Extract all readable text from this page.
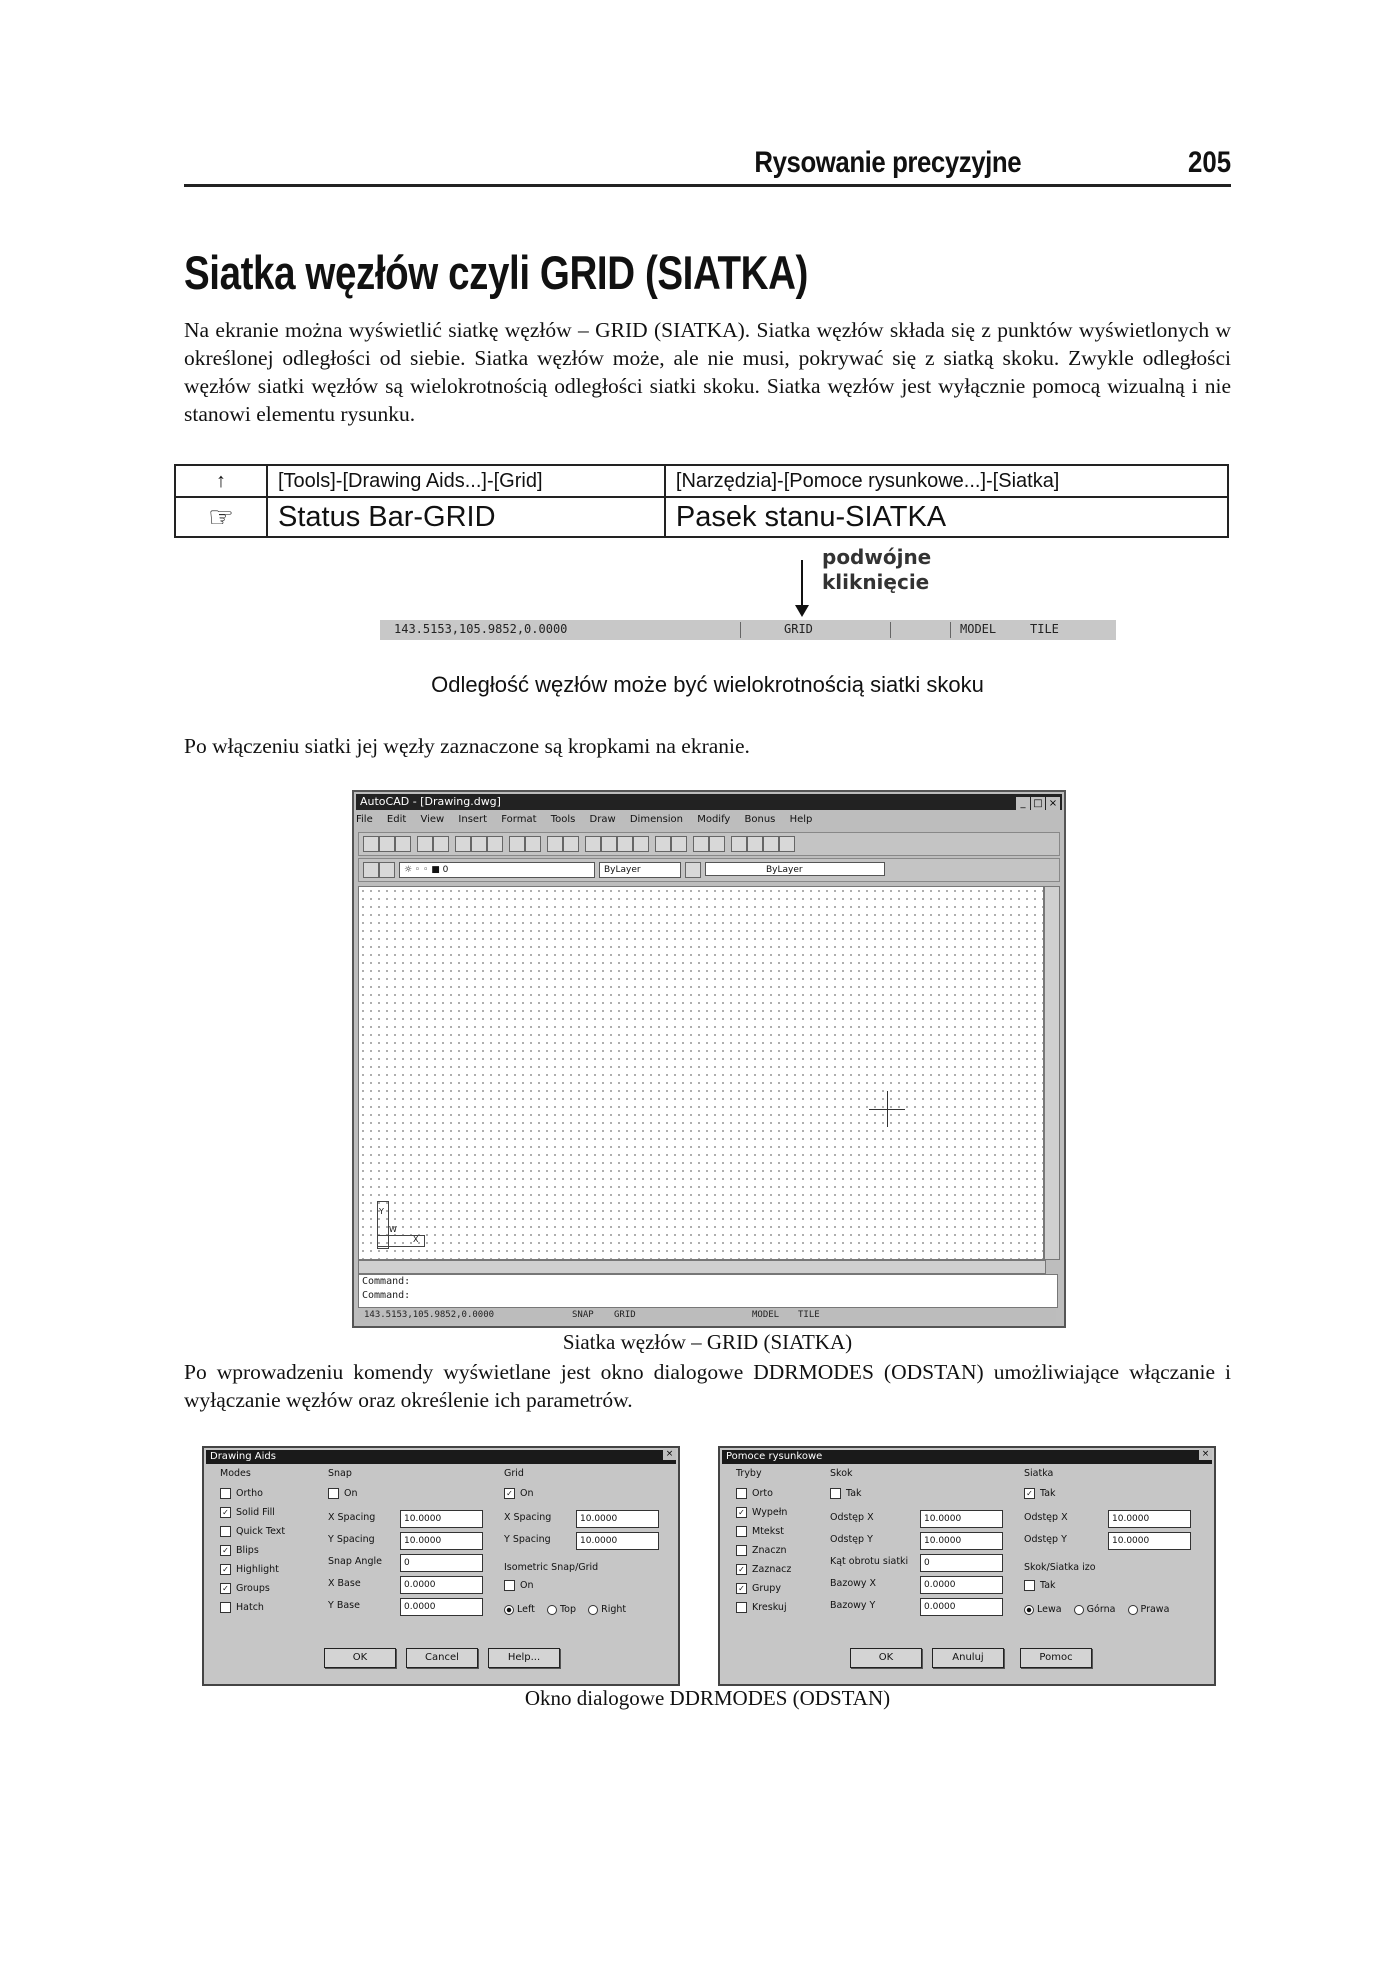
Rysowanie precyzyjne	205
Siatka węzłów czyli GRID (SIATKA)
Na ekranie można wyświetlić siatkę węzłów – GRID (SIATKA). Siatka węzłów składa się z punktów wyświetlonych w określonej odległości od siebie. Siatka węzłów może, ale nie musi, pokrywać się z siatką skoku. Zwykle odległości węzłów siatki węzłów są wielokrotnością odległości siatki skoku. Siatka węzłów jest wyłącznie pomocą wizualną i nie stanowi elementu rysunku.
↑	[Tools]-[Drawing Aids...]-[Grid]	[Narzędzia]-[Pomoce rysunkowe...]-[Siatka]
☞	Status Bar-GRID	Pasek stanu-SIATKA
podwójne
kliknięcie
143.5153,105.9852,0.0000	GRID	MODEL	TILE
Odległość węzłów może być wielokrotnością siatki skoku
Po włączeniu siatki jej węzły zaznaczone są kropkami na ekranie.
AutoCAD - [Drawing.dwg]	_ □ ×
File Edit View Insert Format Tools Draw Dimension Modify Bonus Help
☼ ◦ ◦ ■ 0	ByLayer	ByLayer
Y
W
X
Command:
Command:
143.5153,105.9852,0.0000	SNAP GRID	MODEL TILE
Siatka węzłów – GRID (SIATKA)
Po wprowadzeniu komendy wyświetlane jest okno dialogowe DDRMODES (ODSTAN) umożliwiające włączanie i wyłączanie węzłów oraz określenie ich parametrów.
Drawing Aids	×
Modes
Ortho
✓ Solid Fill
Quick Text
✓ Blips
✓ Highlight
✓ Groups
Hatch
Snap
On
X Spacing	10.0000
Y Spacing	10.0000
Snap Angle	0
X Base	0.0000
Y Base	0.0000
Grid
✓ On
X Spacing	10.0000
Y Spacing	10.0000
Isometric Snap/Grid
On
Left	Top	Right
OK	Cancel	Help...
Pomoce rysunkowe	×
Tryby
Orto
✓ Wypełn
Mtekst
Znaczn
✓ Zaznacz
✓ Grupy
Kreskuj
Skok
Tak
Odstęp X	10.0000
Odstęp Y	10.0000
Kąt obrotu siatki	0
Bazowy X	0.0000
Bazowy Y	0.0000
Siatka
✓ Tak
Odstęp X	10.0000
Odstęp Y	10.0000
Skok/Siatka izo
Tak
Lewa	Górna	Prawa
OK	Anuluj	Pomoc
Okno dialogowe DDRMODES (ODSTAN)
